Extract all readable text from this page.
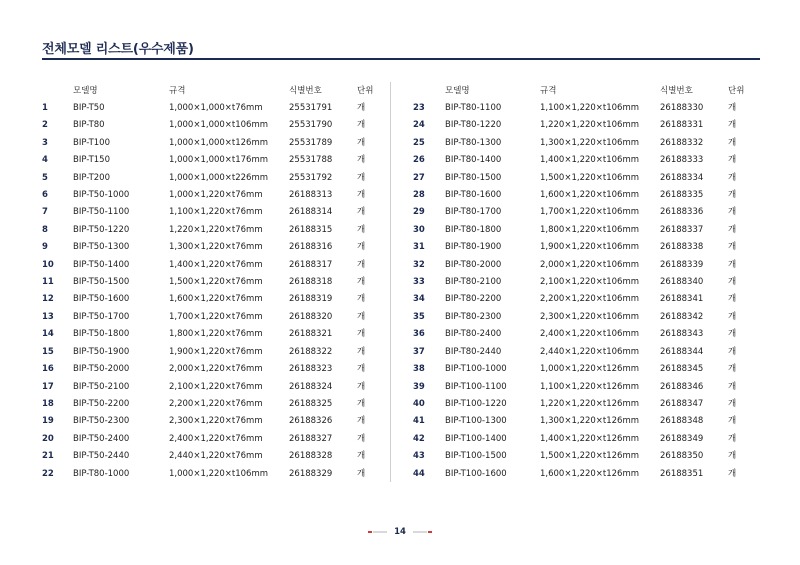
전체모델 리스트(우수제품)
	모델명	규격	식별번호	단위
1	BIP-T50	1,000×1,000×t76mm	25531791	개
2	BIP-T80	1,000×1,000×t106mm	25531790	개
3	BIP-T100	1,000×1,000×t126mm	25531789	개
4	BIP-T150	1,000×1,000×t176mm	25531788	개
5	BIP-T200	1,000×1,000×t226mm	25531792	개
6	BIP-T50-1000	1,000×1,220×t76mm	26188313	개
7	BIP-T50-1100	1,100×1,220×t76mm	26188314	개
8	BIP-T50-1220	1,220×1,220×t76mm	26188315	개
9	BIP-T50-1300	1,300×1,220×t76mm	26188316	개
10	BIP-T50-1400	1,400×1,220×t76mm	26188317	개
11	BIP-T50-1500	1,500×1,220×t76mm	26188318	개
12	BIP-T50-1600	1,600×1,220×t76mm	26188319	개
13	BIP-T50-1700	1,700×1,220×t76mm	26188320	개
14	BIP-T50-1800	1,800×1,220×t76mm	26188321	개
15	BIP-T50-1900	1,900×1,220×t76mm	26188322	개
16	BIP-T50-2000	2,000×1,220×t76mm	26188323	개
17	BIP-T50-2100	2,100×1,220×t76mm	26188324	개
18	BIP-T50-2200	2,200×1,220×t76mm	26188325	개
19	BIP-T50-2300	2,300×1,220×t76mm	26188326	개
20	BIP-T50-2400	2,400×1,220×t76mm	26188327	개
21	BIP-T50-2440	2,440×1,220×t76mm	26188328	개
22	BIP-T80-1000	1,000×1,220×t106mm	26188329	개
	모델명	규격	식별번호	단위
23	BIP-T80-1100	1,100×1,220×t106mm	26188330	개
24	BIP-T80-1220	1,220×1,220×t106mm	26188331	개
25	BIP-T80-1300	1,300×1,220×t106mm	26188332	개
26	BIP-T80-1400	1,400×1,220×t106mm	26188333	개
27	BIP-T80-1500	1,500×1,220×t106mm	26188334	개
28	BIP-T80-1600	1,600×1,220×t106mm	26188335	개
29	BIP-T80-1700	1,700×1,220×t106mm	26188336	개
30	BIP-T80-1800	1,800×1,220×t106mm	26188337	개
31	BIP-T80-1900	1,900×1,220×t106mm	26188338	개
32	BIP-T80-2000	2,000×1,220×t106mm	26188339	개
33	BIP-T80-2100	2,100×1,220×t106mm	26188340	개
34	BIP-T80-2200	2,200×1,220×t106mm	26188341	개
35	BIP-T80-2300	2,300×1,220×t106mm	26188342	개
36	BIP-T80-2400	2,400×1,220×t106mm	26188343	개
37	BIP-T80-2440	2,440×1,220×t106mm	26188344	개
38	BIP-T100-1000	1,000×1,220×t126mm	26188345	개
39	BIP-T100-1100	1,100×1,220×t126mm	26188346	개
40	BIP-T100-1220	1,220×1,220×t126mm	26188347	개
41	BIP-T100-1300	1,300×1,220×t126mm	26188348	개
42	BIP-T100-1400	1,400×1,220×t126mm	26188349	개
43	BIP-T100-1500	1,500×1,220×t126mm	26188350	개
44	BIP-T100-1600	1,600×1,220×t126mm	26188351	개
14
